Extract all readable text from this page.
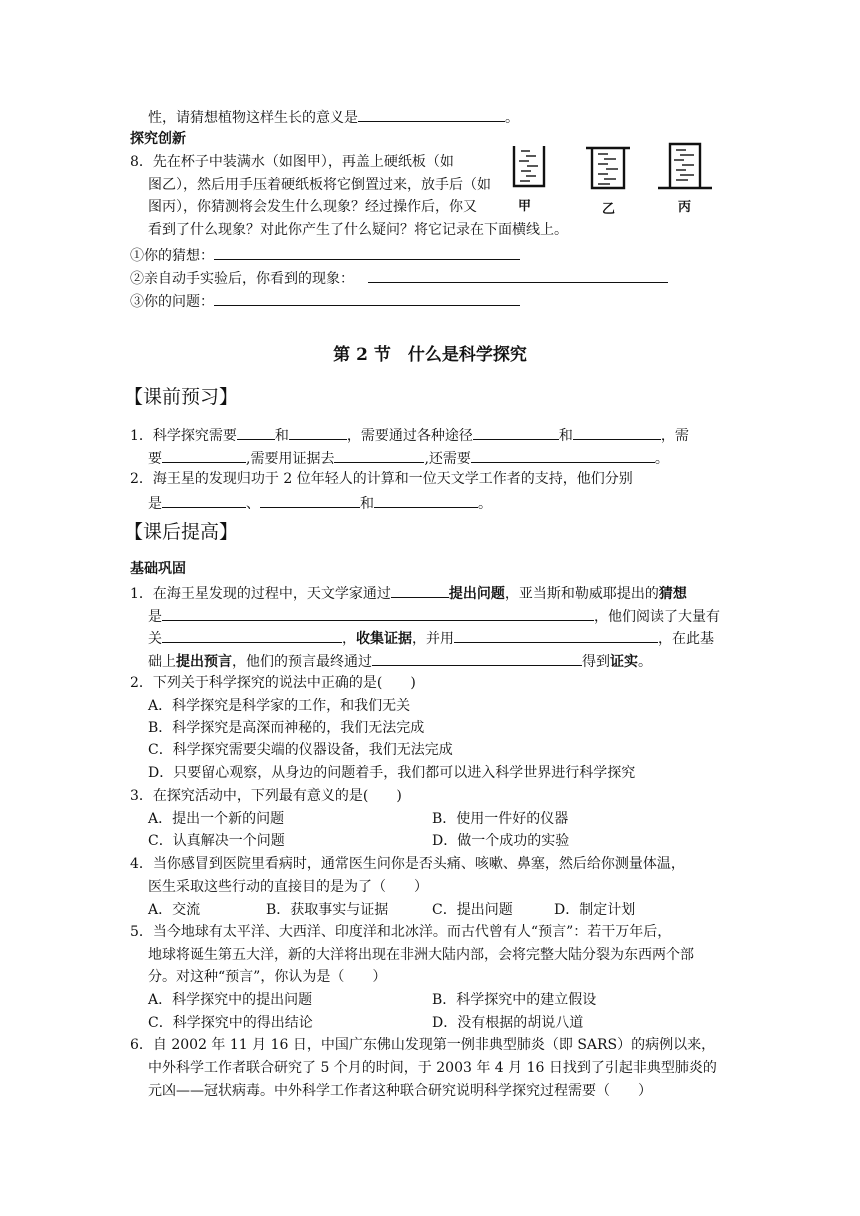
性，请猜想植物这样生长的意义是	。
探究创新
8．先在杯子中装满水（如图甲），再盖上硬纸板（如
图乙），然后用手压着硬纸板将它倒置过来，放手后（如
图丙），你猜测将会发生什么现象？经过操作后，你又
看到了什么现象？对此你产生了什么疑问？将它记录在下面横线上。
①你的猜想：
②亲自动手实验后，你看到的现象：
③你的问题：
甲	乙	丙
第 2 节　什么是科学探究
【课前预习】
1．科学探究需要	和	，需要通过各种途径	和	，需
要	,需要用证据去	,还需要	。
2．海王星的发现归功于 2 位年轻人的计算和一位天文学工作者的支持，他们分别
是	、	和	。
【课后提高】
基础巩固
1．在海王星发现的过程中，天文学家通过	提出问题，亚当斯和勒威耶提出的猜想
是	，他们阅读了大量有
关	，收集证据，并用	，在此基
础上提出预言，他们的预言最终通过	得到证实。
2．下列关于科学探究的说法中正确的是(　　)
A．科学探究是科学家的工作，和我们无关
B．科学探究是高深而神秘的，我们无法完成
C．科学探究需要尖端的仪器设备，我们无法完成
D．只要留心观察，从身边的问题着手，我们都可以进入科学世界进行科学探究
3．在探究活动中，下列最有意义的是(　　)
A．提出一个新的问题	B．使用一件好的仪器
C．认真解决一个问题	D．做一个成功的实验
4．当你感冒到医院里看病时，通常医生问你是否头痛、咳嗽、鼻塞，然后给你测量体温，
医生采取这些行动的直接目的是为了（　　）
A．交流	B．获取事实与证据	C．提出问题	D．制定计划
5．当今地球有太平洋、大西洋、印度洋和北冰洋。而古代曾有人“预言”：若干万年后，
地球将诞生第五大洋，新的大洋将出现在非洲大陆内部，会将完整大陆分裂为东西两个部
分。对这种“预言”，你认为是（　　）
A．科学探究中的提出问题	B．科学探究中的建立假设
C．科学探究中的得出结论	D．没有根据的胡说八道
6．自 2002 年 11 月 16 日，中国广东佛山发现第一例非典型肺炎（即 SARS）的病例以来，
中外科学工作者联合研究了 5 个月的时间，于 2003 年 4 月 16 日找到了引起非典型肺炎的
元凶——冠状病毒。中外科学工作者这种联合研究说明科学探究过程需要（　　）
